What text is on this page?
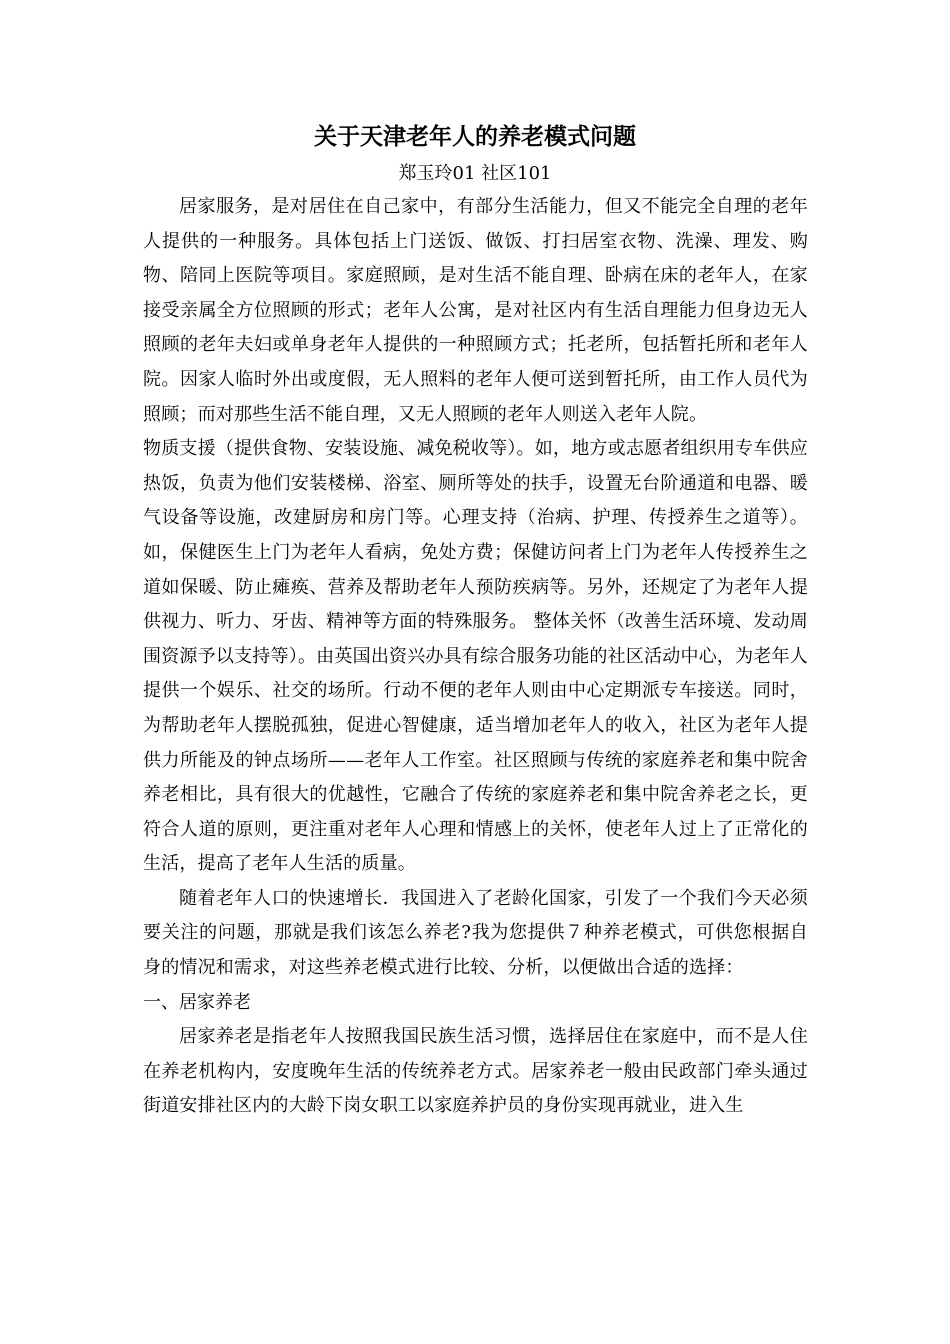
关于天津老年人的养老模式问题

郑玉玲01 社区101

居家服务，是对居住在自己家中，有部分生活能力，但又不能完全自理的老年人提供的一种服务。具体包括上门送饭、做饭、打扫居室衣物、洗澡、理发、购物、陪同上医院等项目。家庭照顾，是对生活不能自理、卧病在床的老年人，在家接受亲属全方位照顾的形式；老年人公寓，是对社区内有生活自理能力但身边无人照顾的老年夫妇或单身老年人提供的一种照顾方式；托老所，包括暂托所和老年人院。因家人临时外出或度假，无人照料的老年人便可送到暂托所，由工作人员代为照顾；而对那些生活不能自理，又无人照顾的老年人则送入老年人院。

物质支援（提供食物、安装设施、减免税收等）。如，地方或志愿者组织用专车供应热饭，负责为他们安装楼梯、浴室、厕所等处的扶手，设置无台阶通道和电器、暖气设备等设施，改建厨房和房门等。心理支持（治病、护理、传授养生之道等）。如，保健医生上门为老年人看病，免处方费；保健访问者上门为老年人传授养生之道如保暖、防止瘫痪、营养及帮助老年人预防疾病等。另外，还规定了为老年人提供视力、听力、牙齿、精神等方面的特殊服务。 整体关怀（改善生活环境、发动周围资源予以支持等）。由英国出资兴办具有综合服务功能的社区活动中心，为老年人提供一个娱乐、社交的场所。行动不便的老年人则由中心定期派专车接送。同时，为帮助老年人摆脱孤独，促进心智健康，适当增加老年人的收入，社区为老年人提供力所能及的钟点场所——老年人工作室。社区照顾与传统的家庭养老和集中院舍养老相比，具有很大的优越性，它融合了传统的家庭养老和集中院舍养老之长，更符合人道的原则，更注重对老年人心理和情感上的关怀，使老年人过上了正常化的生活，提高了老年人生活的质量。

随着老年人口的快速增长．我国进入了老龄化国家，引发了一个我们今天必须要关注的问题，那就是我们该怎么养老?我为您提供７种养老模式，可供您根据自身的情况和需求，对这些养老模式进行比较、分析，以便做出合适的选择：

一、居家养老

居家养老是指老年人按照我国民族生活习惯，选择居住在家庭中，而不是人住在养老机构内，安度晚年生活的传统养老方式。居家养老一般由民政部门牵头通过街道安排社区内的大龄下岗女职工以家庭养护员的身份实现再就业，进入生
